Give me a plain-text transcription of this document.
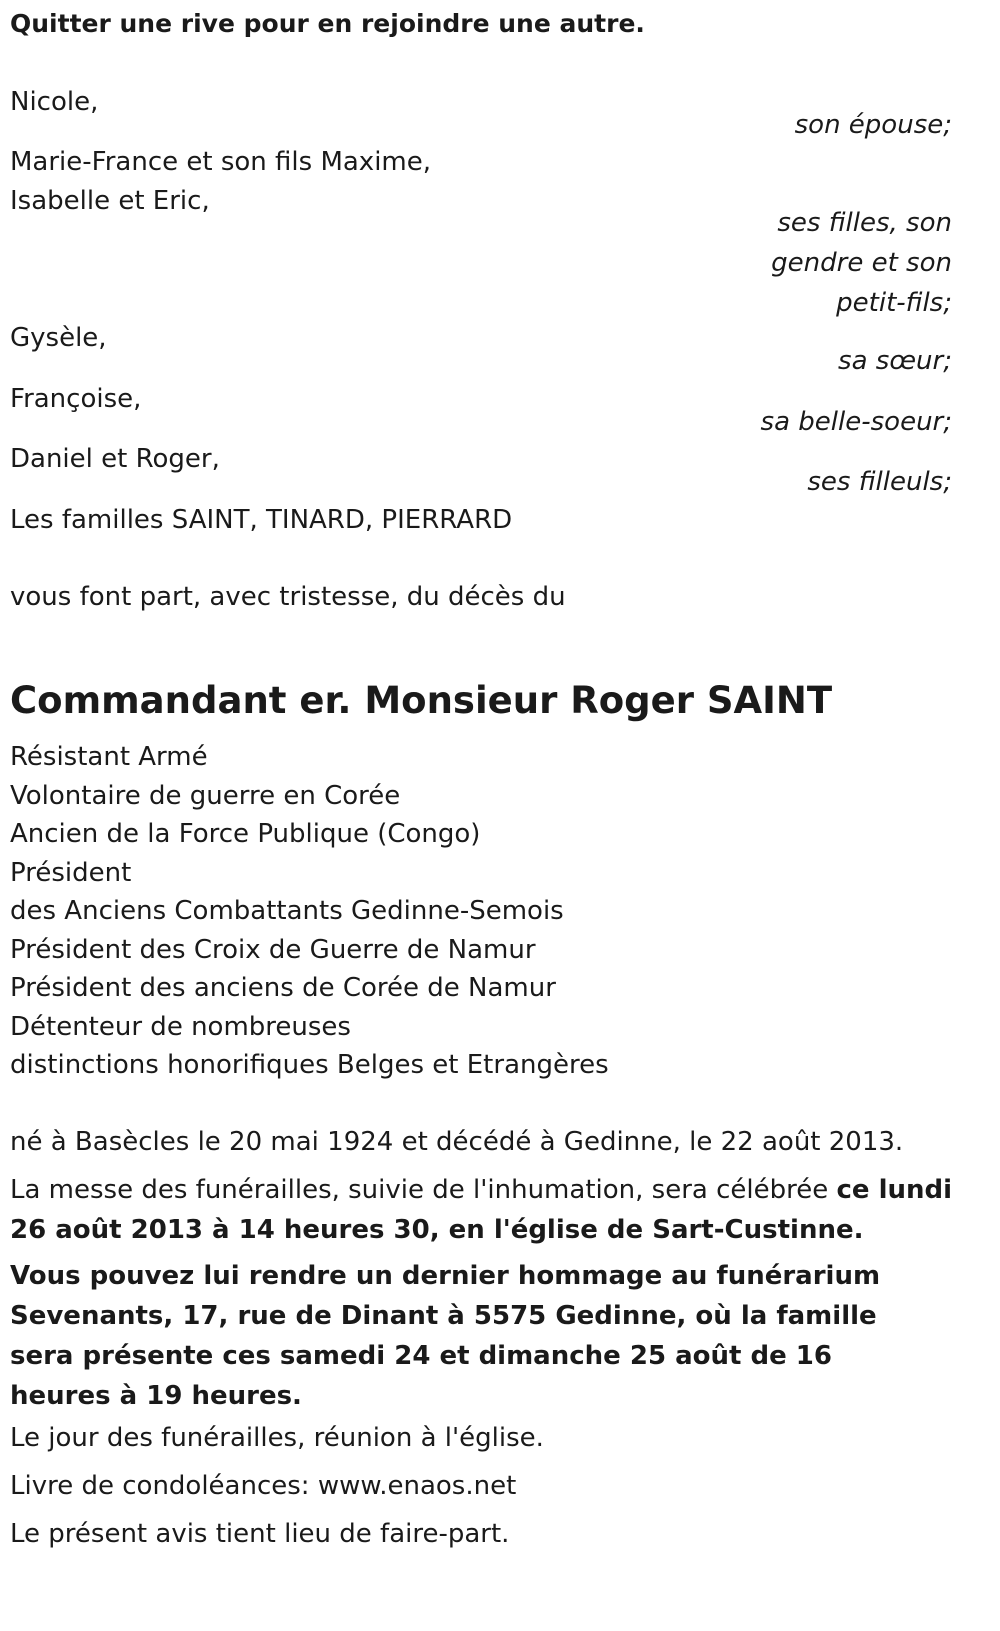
Quitter une rive pour en rejoindre une autre.
Nicole,
son épouse;
Marie-France et son fils Maxime,
Isabelle et Eric,
ses filles, son
gendre et son
petit-fils;
Gysèle,
sa sœur;
Françoise,
sa belle-soeur;
Daniel et Roger,
ses filleuls;
Les familles SAINT, TINARD, PIERRARD
vous font part, avec tristesse, du décès du
Commandant er. Monsieur Roger SAINT
Résistant Armé
Volontaire de guerre en Corée
Ancien de la Force Publique (Congo)
Président
des Anciens Combattants Gedinne-Semois
Président des Croix de Guerre de Namur
Président des anciens de Corée de Namur
Détenteur de nombreuses
distinctions honorifiques Belges et Etrangères
né à Basècles le 20 mai 1924 et décédé à Gedinne, le 22 août 2013.
La messe des funérailles, suivie de l'inhumation, sera célébrée ce lundi 26 août 2013 à 14 heures 30, en l'église de Sart-Custinne.
Vous pouvez lui rendre un dernier hommage au funérarium Sevenants, 17, rue de Dinant à 5575 Gedinne, où la famille sera présente ces samedi 24 et dimanche 25 août de 16 heures à 19 heures.
Le jour des funérailles, réunion à l'église.
Livre de condoléances: www.enaos.net
Le présent avis tient lieu de faire-part.
